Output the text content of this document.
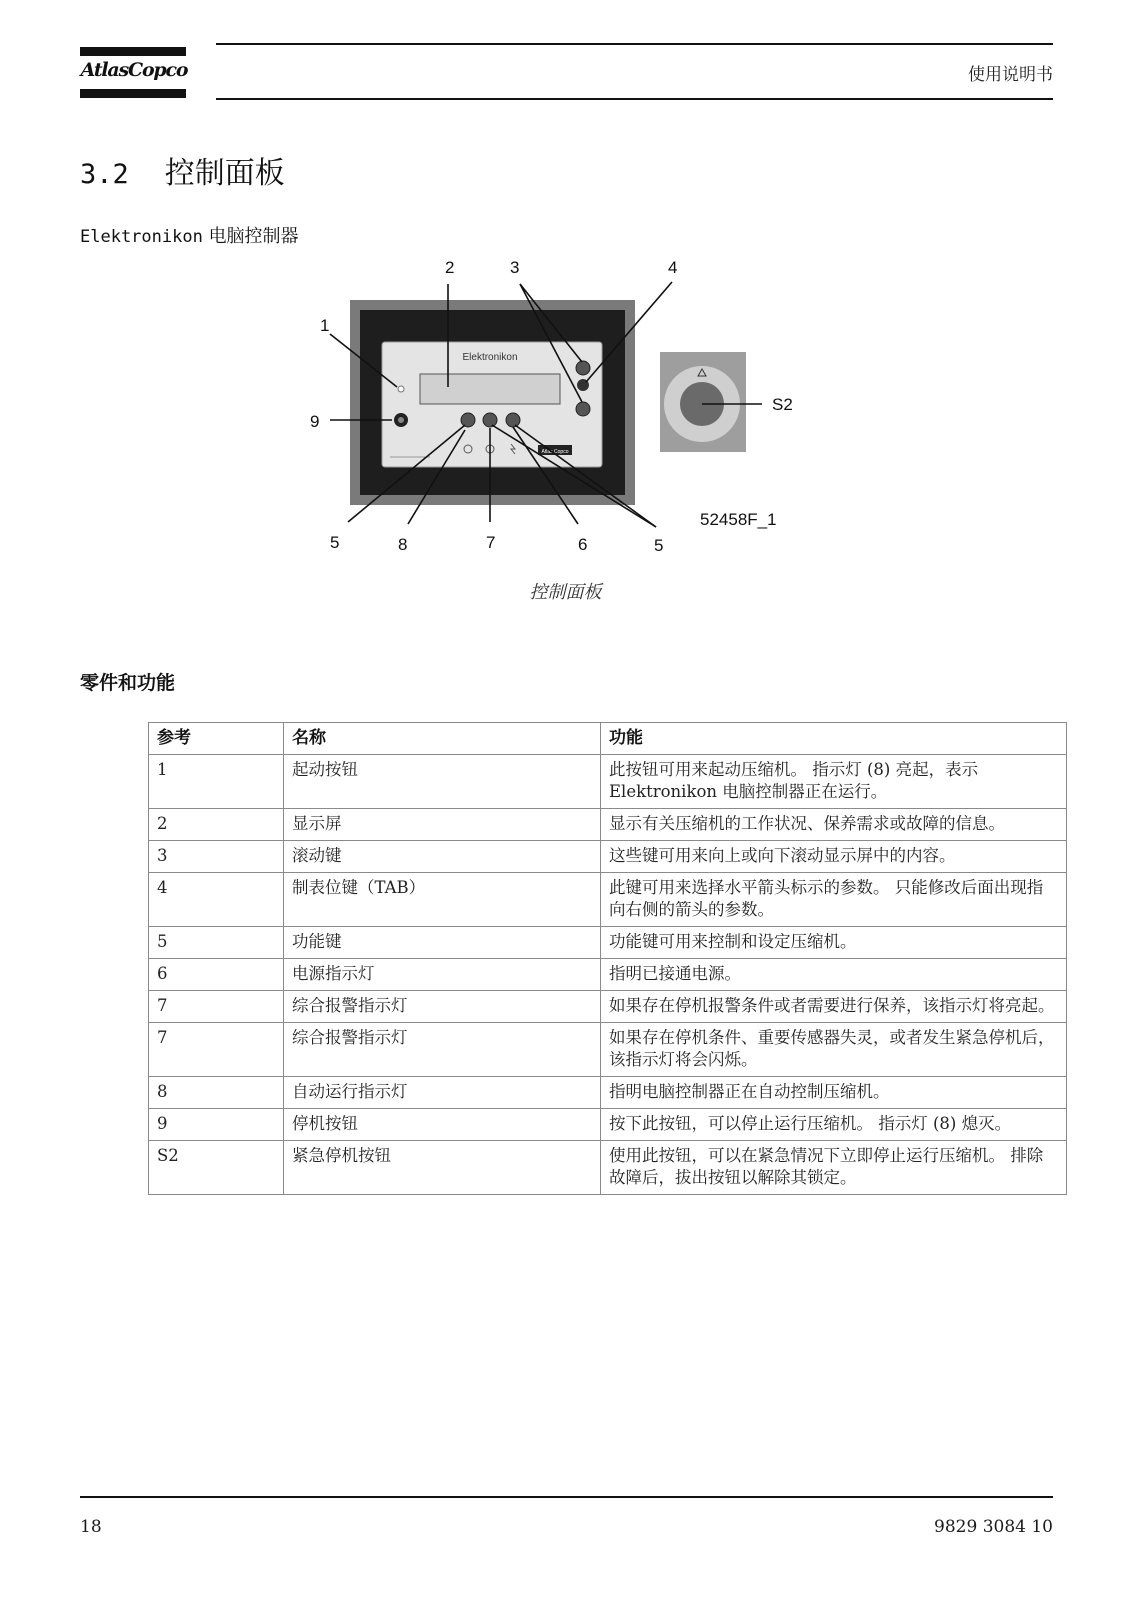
AtlasCopco	使用说明书
3.2 控制面板
Elektronikon 电脑控制器
Elektronikon
Atlas Copco
1
2	3	4
5	6
7
8
9
S2
5
52458F_1
控制面板
零件和功能
参考	名称	功能
1	起动按钮	此按钮可用来起动压缩机。 指示灯 (8) 亮起，表示 Elektronikon 电脑控制器正在运行。
2	显示屏	显示有关压缩机的工作状况、保养需求或故障的信息。
3	滚动键	这些键可用来向上或向下滚动显示屏中的内容。
4	制表位键（TAB）	此键可用来选择水平箭头标示的参数。 只能修改后面出现指向右侧的箭头的参数。
5	功能键	功能键可用来控制和设定压缩机。
6	电源指示灯	指明已接通电源。
7	综合报警指示灯	如果存在停机报警条件或者需要进行保养，该指示灯将亮起。
7	综合报警指示灯	如果存在停机条件、重要传感器失灵，或者发生紧急停机后，该指示灯将会闪烁。
8	自动运行指示灯	指明电脑控制器正在自动控制压缩机。
9	停机按钮	按下此按钮，可以停止运行压缩机。 指示灯 (8) 熄灭。
S2	紧急停机按钮	使用此按钮，可以在紧急情况下立即停止运行压缩机。 排除故障后，拔出按钮以解除其锁定。
18	9829 3084 10
